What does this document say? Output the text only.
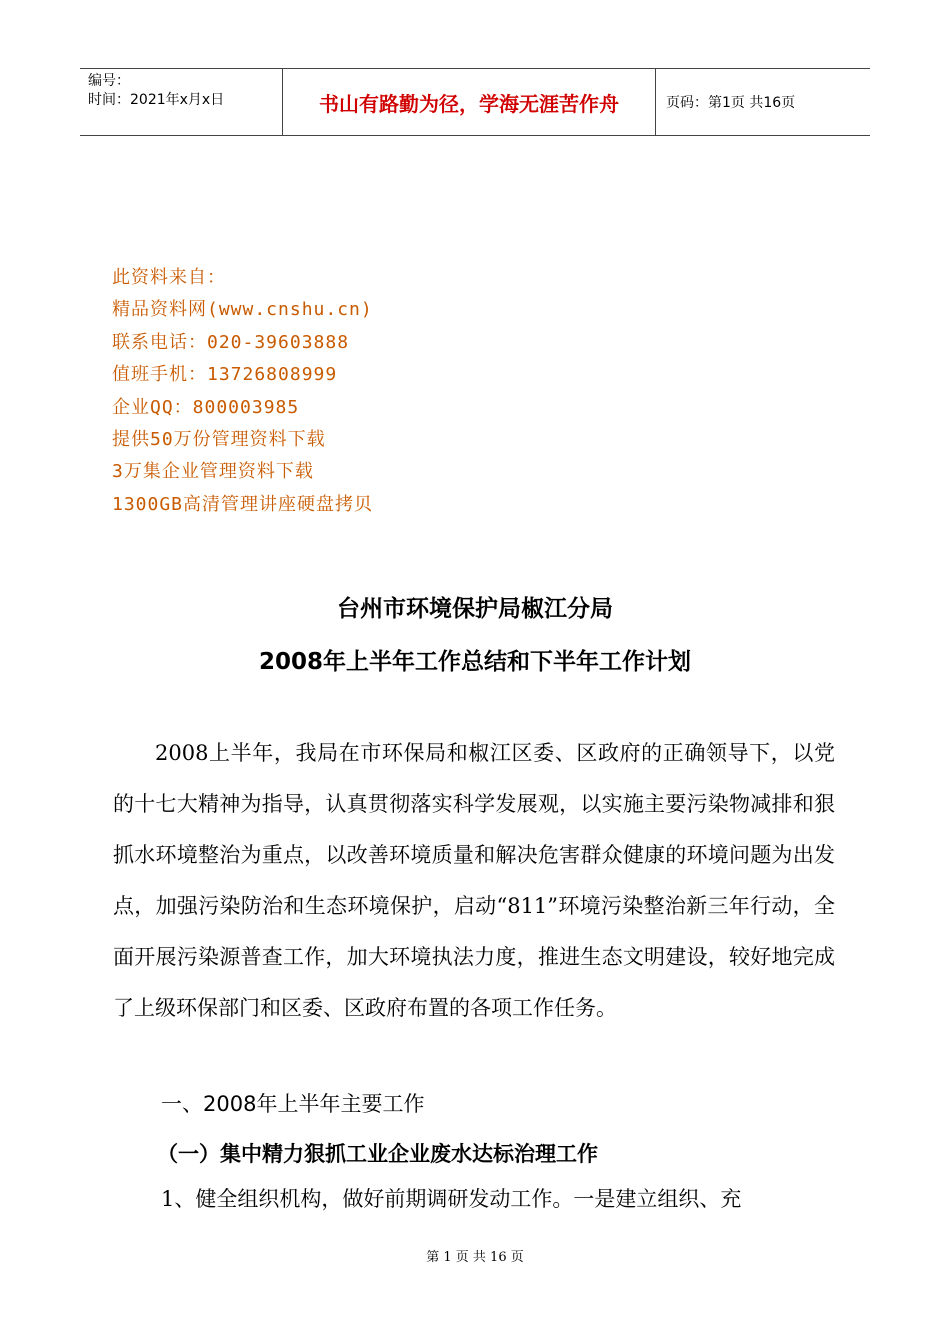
编号：
时间：2021年x月x日	书山有路勤为径，学海无涯苦作舟	页码：第1页 共16页
此资料来自：
精品资料网(www.cnshu.cn)
联系电话：020-39603888
值班手机：13726808999
企业QQ：800003985
提供50万份管理资料下载
3万集企业管理资料下载
1300GB高清管理讲座硬盘拷贝
台州市环境保护局椒江分局
2008年上半年工作总结和下半年工作计划

2008上半年，我局在市环保局和椒江区委、区政府的正确领导下，以党的十七大精神为指导，认真贯彻落实科学发展观，以实施主要污染物减排和狠抓水环境整治为重点，以改善环境质量和解决危害群众健康的环境问题为出发点，加强污染防治和生态环境保护，启动“811”环境污染整治新三年行动，全面开展污染源普查工作，加大环境执法力度，推进生态文明建设，较好地完成了上级环保部门和区委、区政府布置的各项工作任务。

一、2008年上半年主要工作
（一）集中精力狠抓工业企业废水达标治理工作
1、健全组织机构，做好前期调研发动工作。一是建立组织、充
第 1 页 共 16 页
